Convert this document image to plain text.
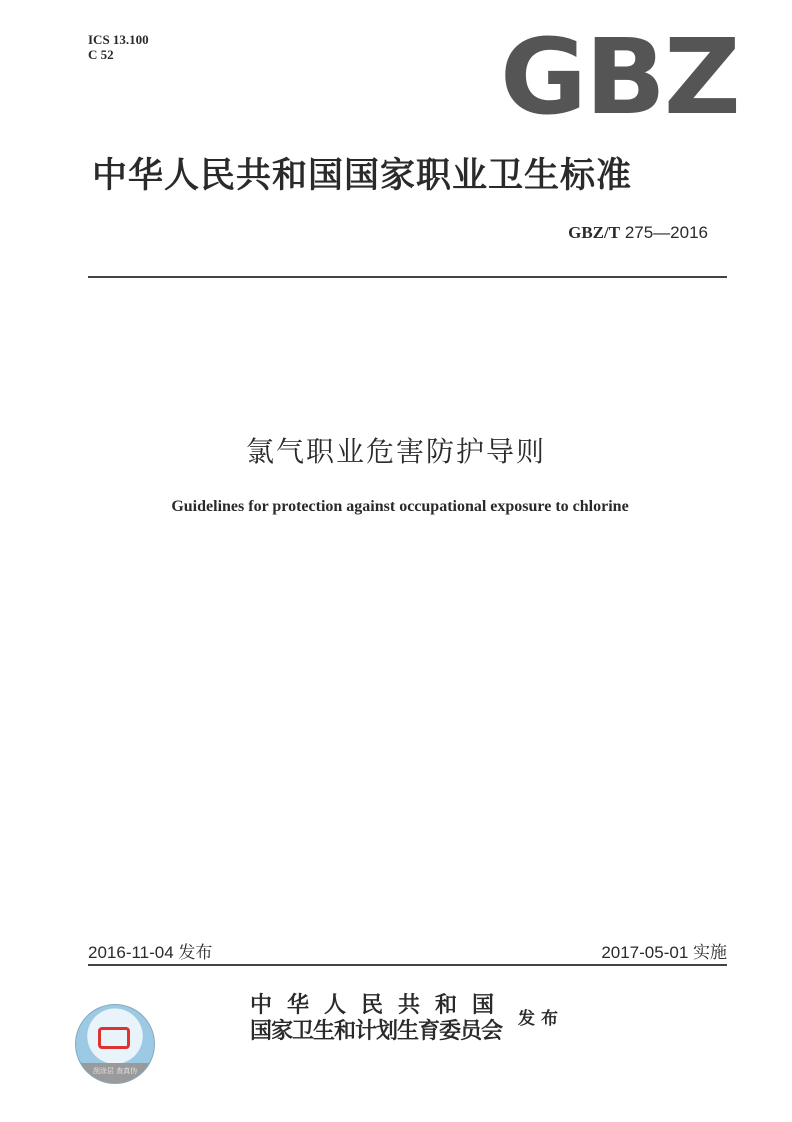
ICS 13.100
C 52	GBZ
中华人民共和国国家职业卫生标准
GBZ/T 275—2016
氯气职业危害防护导则
Guidelines for protection against occupational exposure to chlorine
2016-11-04 发布	2017-05-01 实施
刮涂层 查真伪
中华人民共和国
国家卫生和计划生育委员会 发布
